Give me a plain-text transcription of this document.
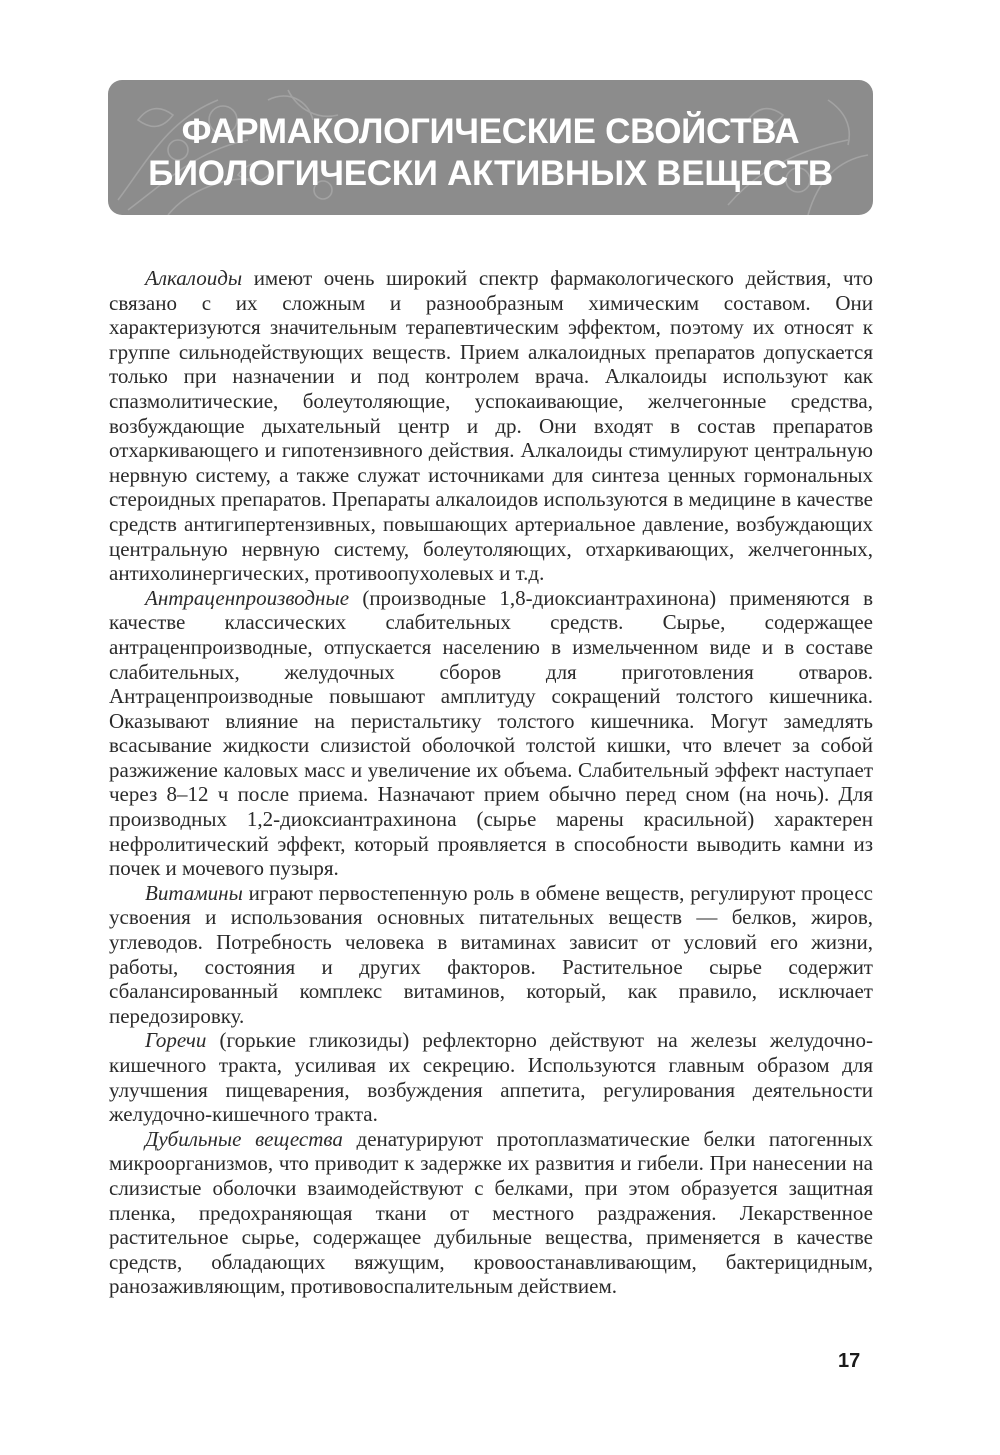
ФАРМАКОЛОГИЧЕСКИЕ СВОЙСТВА
БИОЛОГИЧЕСКИ АКТИВНЫХ ВЕЩЕСТВ

Алкалоиды имеют очень широкий спектр фармакологического действия, что связано с их сложным и разнообразным химическим составом. Они характеризуются значительным терапевтическим эффектом, поэтому их относят к группе сильнодействующих веществ. Прием алкалоидных препаратов допускается только при назначении и под контролем врача. Алкалоиды используют как спазмолитические, болеутоляющие, успокаивающие, желчегонные средства, возбуждающие дыхательный центр и др. Они входят в состав препаратов отхаркивающего и гипотензивного действия. Алкалоиды стимулируют центральную нервную систему, а также служат источниками для синтеза ценных гормональных стероидных препаратов. Препараты алкалоидов используются в медицине в качестве средств антигипертензивных, повышающих артериальное давление, возбуждающих центральную нервную систему, болеутоляющих, отхаркивающих, желчегонных, антихолинергических, противоопухолевых и т.д.

Антраценпроизводные (производные 1,8-диоксиантрахинона) применяются в качестве классических слабительных средств. Сырье, содержащее антраценпроизводные, отпускается населению в измельченном виде и в составе слабительных, желудочных сборов для приготовления отваров. Антраценпроизводные повышают амплитуду сокращений толстого кишечника. Оказывают влияние на перистальтику толстого кишечника. Могут замедлять всасывание жидкости слизистой оболочкой толстой кишки, что влечет за собой разжижение каловых масс и увеличение их объема. Слабительный эффект наступает через 8–12 ч после приема. Назначают прием обычно перед сном (на ночь). Для производных 1,2-диоксиантрахинона (сырье марены красильной) характерен нефролитический эффект, который проявляется в способности выводить камни из почек и мочевого пузыря.

Витамины играют первостепенную роль в обмене веществ, регулируют процесс усвоения и использования основных питательных веществ — белков, жиров, углеводов. Потребность человека в витаминах зависит от условий его жизни, работы, состояния и других факторов. Растительное сырье содержит сбалансированный комплекс витаминов, который, как правило, исключает передозировку.

Горечи (горькие гликозиды) рефлекторно действуют на железы желудочно-кишечного тракта, усиливая их секрецию. Используются главным образом для улучшения пищеварения, возбуждения аппетита, регулирования деятельности желудочно-кишечного тракта.

Дубильные вещества денатурируют протоплазматические белки патогенных микроорганизмов, что приводит к задержке их развития и гибели. При нанесении на слизистые оболочки взаимодействуют с белками, при этом образуется защитная пленка, предохраняющая ткани от местного раздражения. Лекарственное растительное сырье, содержащее дубильные вещества, применяется в качестве средств, обладающих вяжущим, кровоостанавливающим, бактерицидным, ранозаживляющим, противовоспалительным действием.

17
